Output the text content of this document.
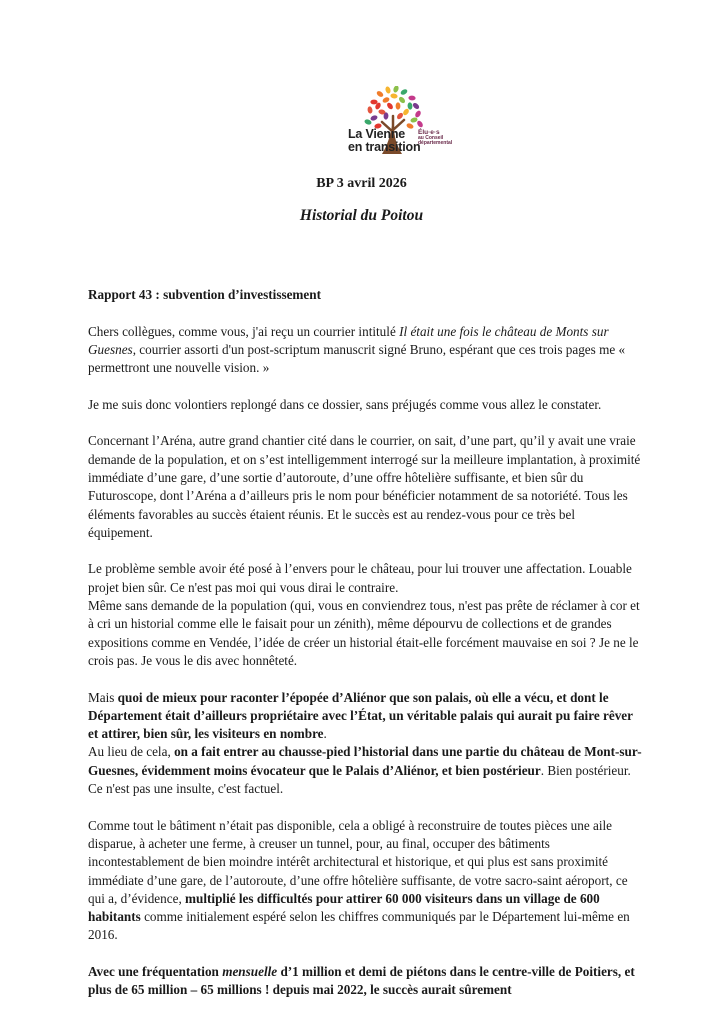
La Vienne
en transition
Élu·e·s
au Conseil
départemental
BP 3 avril 2026
Historial du Poitou

Rapport 43 : subvention d’investissement

Chers collègues, comme vous, j'ai reçu un courrier intitulé Il était une fois le château de Monts sur Guesnes, courrier assorti d'un post-scriptum manuscrit signé Bruno, espérant que ces trois pages me « permettront une nouvelle vision. »

Je me suis donc volontiers replongé dans ce dossier, sans préjugés comme vous allez le constater.

Concernant l’Aréna, autre grand chantier cité dans le courrier, on sait, d’une part, qu’il y avait une vraie demande de la population, et on s’est intelligemment interrogé sur la meilleure implantation, à proximité immédiate d’une gare, d’une sortie d’autoroute, d’une offre hôtelière suffisante, et bien sûr du Futuroscope, dont l’Aréna a d’ailleurs pris le nom pour bénéficier notamment de sa notoriété. Tous les éléments favorables au succès étaient réunis. Et le succès est au rendez-vous pour ce très bel équipement.

Le problème semble avoir été posé à l’envers pour le château, pour lui trouver une affectation. Louable projet bien sûr. Ce n'est pas moi qui vous dirai le contraire.
Même sans demande de la population (qui, vous en conviendrez tous, n'est pas prête de réclamer à cor et à cri un historial comme elle le faisait pour un zénith), même dépourvu de collections et de grandes expositions comme en Vendée, l’idée de créer un historial était-elle forcément mauvaise en soi ? Je ne le crois pas. Je vous le dis avec honnêteté.

Mais quoi de mieux pour raconter l’épopée d’Aliénor que son palais, où elle a vécu, et dont le Département était d’ailleurs propriétaire avec l’État, un véritable palais qui aurait pu faire rêver et attirer, bien sûr, les visiteurs en nombre.
Au lieu de cela, on a fait entrer au chausse-pied l’historial dans une partie du château de Mont-sur-Guesnes, évidemment moins évocateur que le Palais d’Aliénor, et bien postérieur. Bien postérieur. Ce n'est pas une insulte, c'est factuel.

Comme tout le bâtiment n’était pas disponible, cela a obligé à reconstruire de toutes pièces une aile disparue, à acheter une ferme, à creuser un tunnel, pour, au final, occuper des bâtiments incontestablement de bien moindre intérêt architectural et historique, et qui plus est sans proximité immédiate d’une gare, de l’autoroute, d’une offre hôtelière suffisante, de votre sacro-saint aéroport, ce qui a, d’évidence, multiplié les difficultés pour attirer 60 000 visiteurs dans un village de 600 habitants comme initialement espéré selon les chiffres communiqués par le Département lui-même en 2016.

Avec une fréquentation mensuelle d’1 million et demi de piétons dans le centre-ville de Poitiers, et plus de 65 million – 65 millions ! depuis mai 2022, le succès aurait sûrement
